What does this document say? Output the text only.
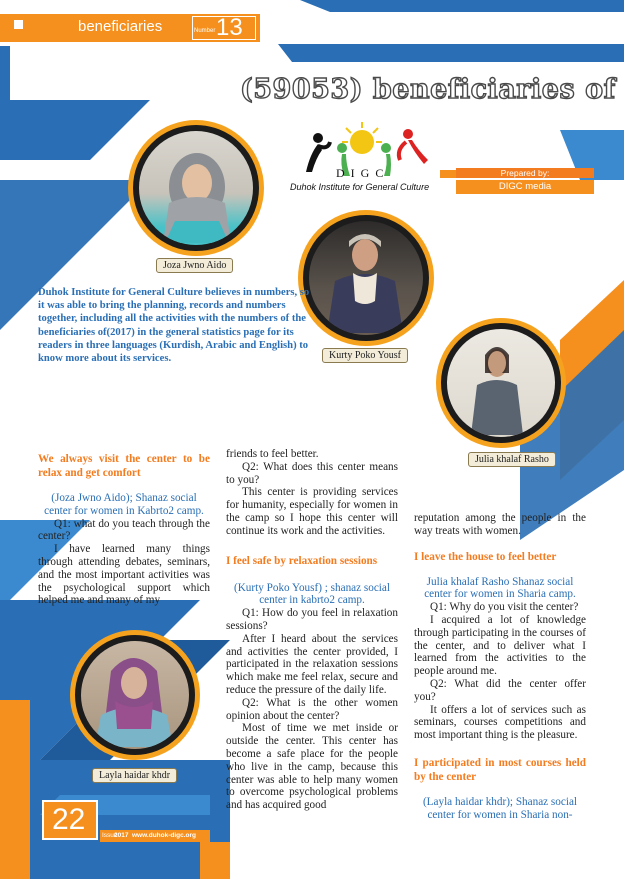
beneficiaries	Number 13
(59053) beneficiaries of
DIGC
Duhok Institute for General Culture
Prepared by:
DIGC media
Joza Jwno Aido
Kurty Poko Yousf
Julia khalaf Rasho
Layla haidar khdr
Duhok Institute for General Culture believes in numbers, so it was able to bring the planning, records and numbers together, including all the activities with the numbers of the beneficiaries of(2017) in the general statistics page for its readers in three languages (Kurdish, Arabic and English) to know more about its services.

We always visit the center to be relax and get comfort

(Joza Jwno Aido); Shanaz social center for women in Kabrto2 camp.

Q1: what do you teach through the center?

I have learned many things through attending debates, seminars, and the most important activities was the psychological support which helped me and many of my

friends to feel better.

Q2: What does this center means to you?

This center is providing services for humanity, especially for women in the camp so I hope this center will continue its work and the activities.

I feel safe by relaxation sessions

(Kurty Poko Yousf) ; shanaz social center in kabrto2 camp.

Q1: How do you feel in relaxation sessions?

After I heard about the services and activities the center provided, I participated in the relaxation sessions which make me feel relax, secure and reduce the pressure of the daily life.

Q2: What is the other women opinion about the center?

Most of time we met inside or outside the center. This center has become a safe place for the people who live in the camp, because this center was able to help many women to overcome psychological problems and has acquired good

reputation among the people in the way treats with women.

I leave the house to feel better

Julia khalaf Rasho Shanaz social center for women in Sharia camp.

Q1: Why do you visit the center?

I acquired a lot of knowledge through participating in the courses of the center, and to deliver what I learned from the activities to the people around me.

Q2: What did the center offer you?

It offers a lot of services such as seminars, courses competitions and most important thing is the pleasure.

I participated in most courses held by the center

(Layla haidar khdr); Shanaz social center for women in Sharia non-

22	Issue
2017 www.duhok-digc.org
